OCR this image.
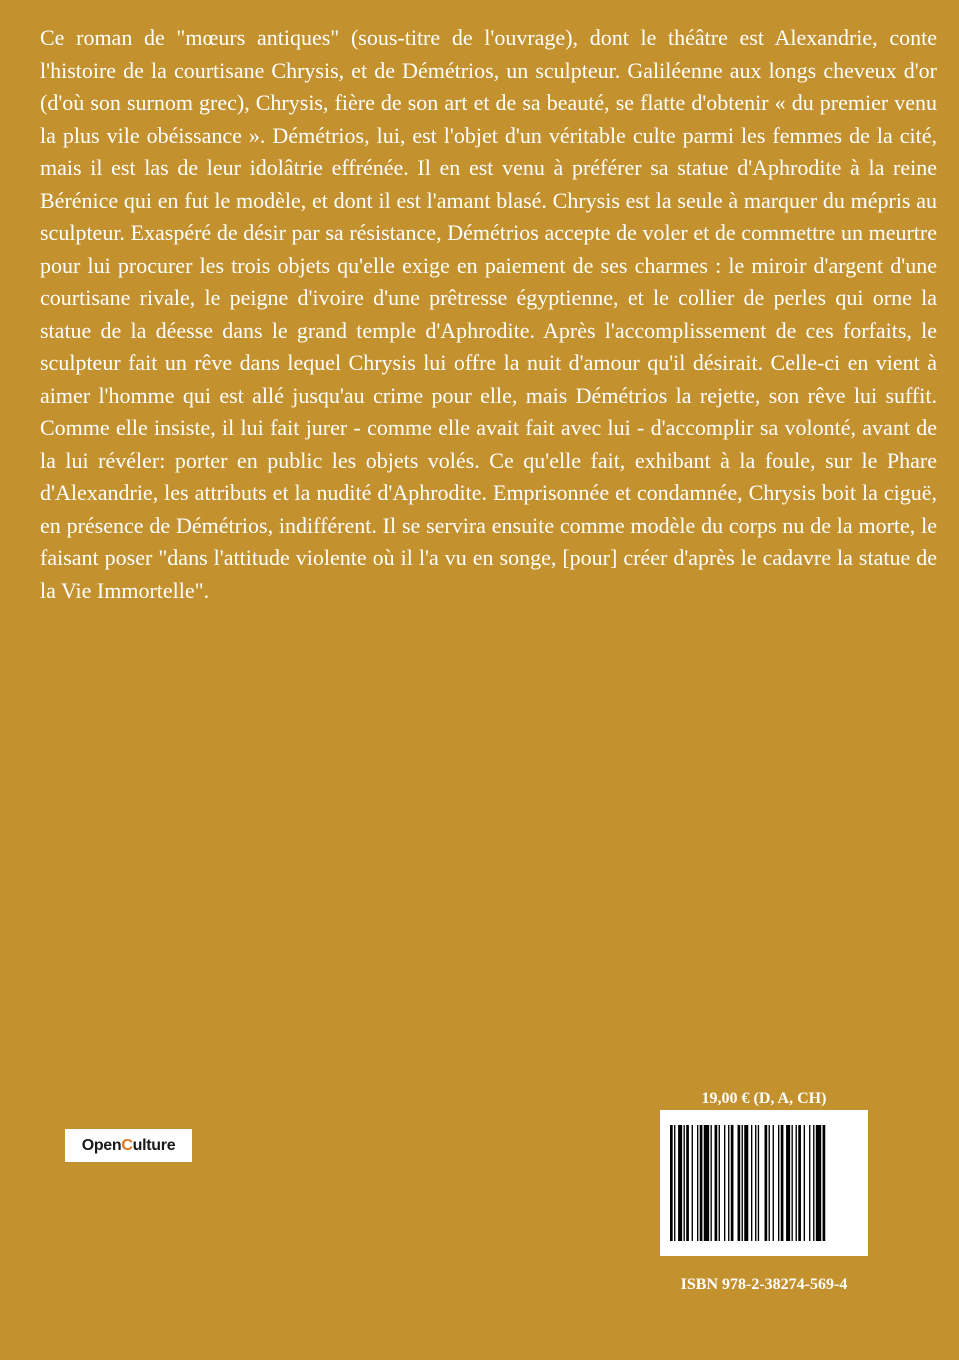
Ce roman de "mœurs antiques" (sous-titre de l'ouvrage), dont le théâtre est Alexandrie, conte l'histoire de la courtisane Chrysis, et de Démétrios, un sculpteur. Galiléenne aux longs cheveux d'or (d'où son surnom grec), Chrysis, fière de son art et de sa beauté, se flatte d'obtenir « du premier venu la plus vile obéissance ». Démétrios, lui, est l'objet d'un véritable culte parmi les femmes de la cité, mais il est las de leur idolâtrie effrénée. Il en est venu à préférer sa statue d'Aphrodite à la reine Bérénice qui en fut le modèle, et dont il est l'amant blasé. Chrysis est la seule à marquer du mépris au sculpteur. Exaspéré de désir par sa résistance, Démétrios accepte de voler et de commettre un meurtre pour lui procurer les trois objets qu'elle exige en paiement de ses charmes : le miroir d'argent d'une courtisane rivale, le peigne d'ivoire d'une prêtresse égyptienne, et le collier de perles qui orne la statue de la déesse dans le grand temple d'Aphrodite. Après l'accomplissement de ces forfaits, le sculpteur fait un rêve dans lequel Chrysis lui offre la nuit d'amour qu'il désirait. Celle-ci en vient à aimer l'homme qui est allé jusqu'au crime pour elle, mais Démétrios la rejette, son rêve lui suffit. Comme elle insiste, il lui fait jurer - comme elle avait fait avec lui - d'accomplir sa volonté, avant de la lui révéler: porter en public les objets volés. Ce qu'elle fait, exhibant à la foule, sur le Phare d'Alexandrie, les attributs et la nudité d'Aphrodite. Emprisonnée et condamnée, Chrysis boit la ciguë, en présence de Démétrios, indifférent. Il se servira ensuite comme modèle du corps nu de la morte, le faisant poser "dans l'attitude violente où il l'a vu en songe, [pour] créer d'après le cadavre la statue de la Vie Immortelle".

Open C ulture
19,00 € (D, A, CH)
ISBN 978-2-38274-569-4
